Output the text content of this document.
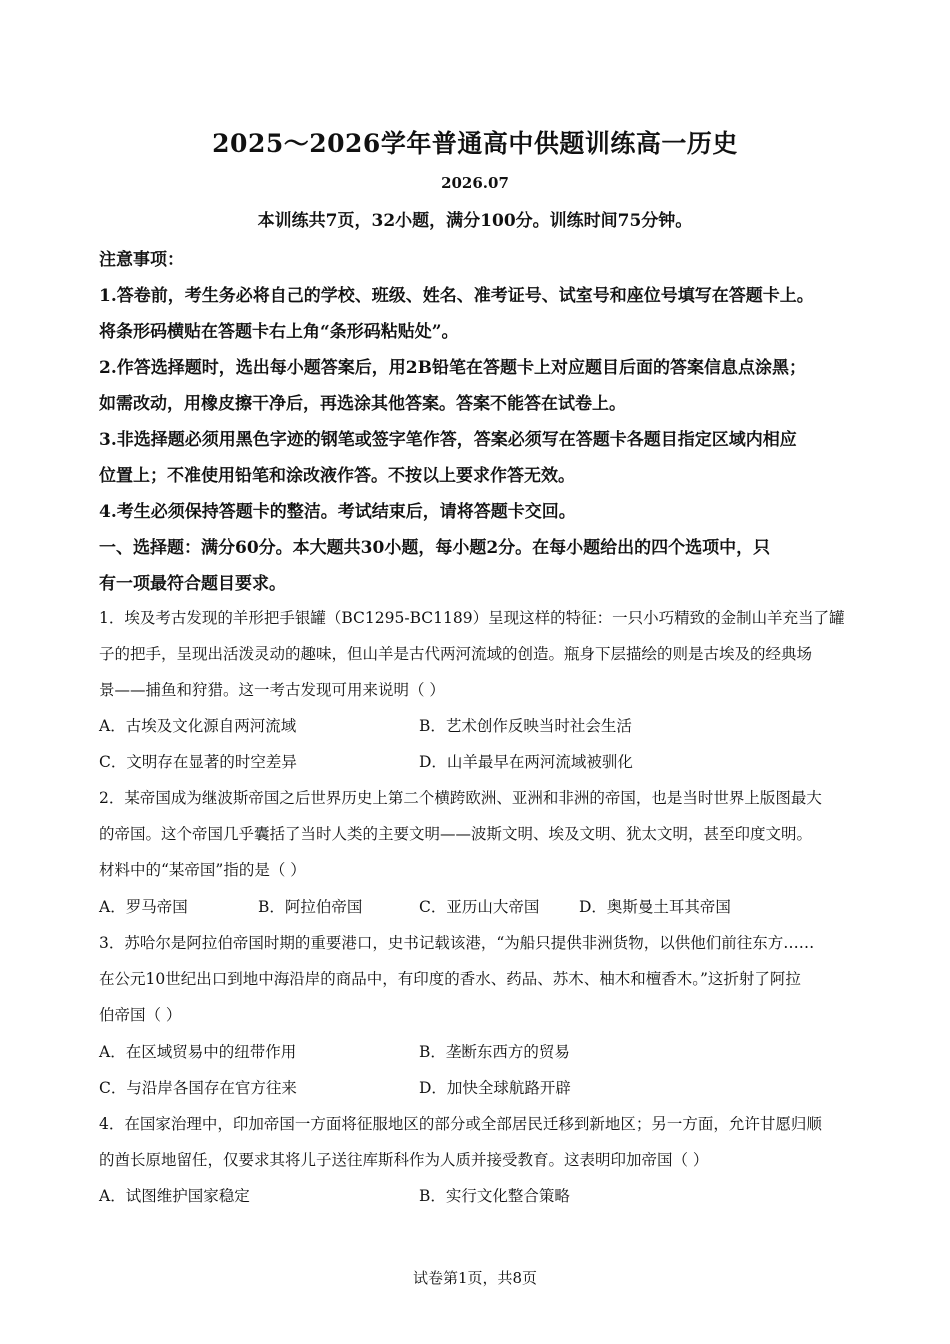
2025～2026学年普通高中供题训练高一历史
2026.07
本训练共7页，32小题，满分100分。训练时间75分钟。
注意事项：
1.答卷前，考生务必将自己的学校、班级、姓名、准考证号、试室号和座位号填写在答题卡上。
将条形码横贴在答题卡右上角“条形码粘贴处”。
2.作答选择题时，选出每小题答案后，用2B铅笔在答题卡上对应题目后面的答案信息点涂黑；
如需改动，用橡皮擦干净后，再选涂其他答案。答案不能答在试卷上。
3.非选择题必须用黑色字迹的钢笔或签字笔作答，答案必须写在答题卡各题目指定区域内相应
位置上；不准使用铅笔和涂改液作答。不按以上要求作答无效。
4.考生必须保持答题卡的整洁。考试结束后，请将答题卡交回。
一、选择题：满分60分。本大题共30小题，每小题2分。在每小题给出的四个选项中，只
有一项最符合题目要求。
1．埃及考古发现的羊形把手银罐（BC1295-BC1189）呈现这样的特征：一只小巧精致的金制山羊充当了罐
子的把手，呈现出活泼灵动的趣味，但山羊是古代两河流域的创造。瓶身下层描绘的则是古埃及的经典场
景——捕鱼和狩猎。这一考古发现可用来说明（ ）
A．古埃及文化源自两河流域	B．艺术创作反映当时社会生活
C．文明存在显著的时空差异	D．山羊最早在两河流域被驯化
2．某帝国成为继波斯帝国之后世界历史上第二个横跨欧洲、亚洲和非洲的帝国，也是当时世界上版图最大
的帝国。这个帝国几乎囊括了当时人类的主要文明——波斯文明、埃及文明、犹太文明，甚至印度文明。
材料中的“某帝国”指的是（ ）
A．罗马帝国	B．阿拉伯帝国	C．亚历山大帝国	D．奥斯曼土耳其帝国
3．苏哈尔是阿拉伯帝国时期的重要港口，史书记载该港，“为船只提供非洲货物，以供他们前往东方……
在公元10世纪出口到地中海沿岸的商品中，有印度的香水、药品、苏木、柚木和檀香木。”这折射了阿拉
伯帝国（ ）
A．在区域贸易中的纽带作用	B．垄断东西方的贸易
C．与沿岸各国存在官方往来	D．加快全球航路开辟
4．在国家治理中，印加帝国一方面将征服地区的部分或全部居民迁移到新地区；另一方面，允许甘愿归顺
的酋长原地留任，仅要求其将儿子送往库斯科作为人质并接受教育。这表明印加帝国（ ）
A．试图维护国家稳定	B．实行文化整合策略
试卷第1页，共8页
